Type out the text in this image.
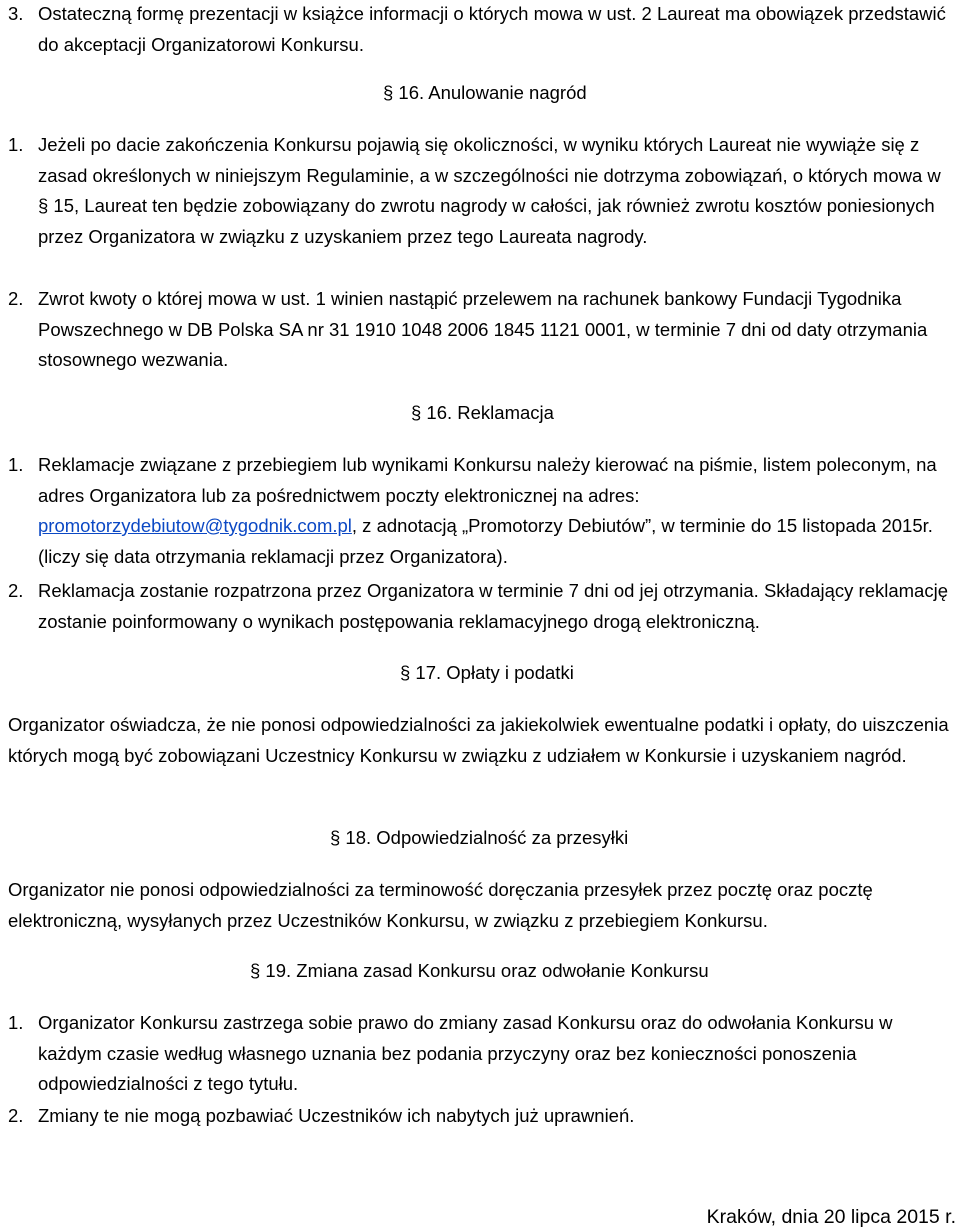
3. Ostateczną formę prezentacji w książce informacji o których mowa w ust. 2 Laureat ma obowiązek przedstawić do akceptacji Organizatorowi Konkursu.
§ 16. Anulowanie nagród
1. Jeżeli po dacie zakończenia Konkursu pojawią się okoliczności, w wyniku których Laureat nie wywiąże się z zasad określonych w niniejszym Regulaminie, a w szczególności nie dotrzyma zobowiązań, o których mowa w § 15, Laureat ten będzie zobowiązany do zwrotu nagrody w całości, jak również zwrotu kosztów poniesionych przez Organizatora w związku z uzyskaniem przez tego Laureata nagrody.
2. Zwrot kwoty o której mowa w ust. 1 winien nastąpić przelewem na rachunek bankowy Fundacji Tygodnika Powszechnego w DB Polska SA nr 31 1910 1048 2006 1845 1121 0001, w terminie 7 dni od daty otrzymania stosownego wezwania.
§ 16. Reklamacja
1. Reklamacje związane z przebiegiem lub wynikami Konkursu należy kierować na piśmie, listem poleconym, na adres Organizatora lub za pośrednictwem poczty elektronicznej na adres: promotorzydebiutow@tygodnik.com.pl, z adnotacją „Promotorzy Debiutów”, w terminie do 15 listopada 2015r. (liczy się data otrzymania reklamacji przez Organizatora).
2. Reklamacja zostanie rozpatrzona przez Organizatora w terminie 7 dni od jej otrzymania. Składający reklamację zostanie poinformowany o wynikach postępowania reklamacyjnego drogą elektroniczną.
§ 17. Opłaty i podatki
Organizator oświadcza, że nie ponosi odpowiedzialności za jakiekolwiek ewentualne podatki i opłaty, do uiszczenia których mogą być zobowiązani Uczestnicy Konkursu w związku z udziałem w Konkursie i uzyskaniem nagród.
§ 18. Odpowiedzialność za przesyłki
Organizator nie ponosi odpowiedzialności za terminowość doręczania przesyłek przez pocztę oraz pocztę elektroniczną, wysyłanych przez Uczestników Konkursu, w związku z przebiegiem Konkursu.
§ 19. Zmiana zasad Konkursu oraz odwołanie Konkursu
1. Organizator Konkursu zastrzega sobie prawo do zmiany zasad Konkursu oraz do odwołania Konkursu w każdym czasie według własnego uznania bez podania przyczyny oraz bez konieczności ponoszenia odpowiedzialności z tego tytułu.
2. Zmiany te nie mogą pozbawiać Uczestników ich nabytych już uprawnień.
Kraków, dnia 20 lipca 2015 r.
